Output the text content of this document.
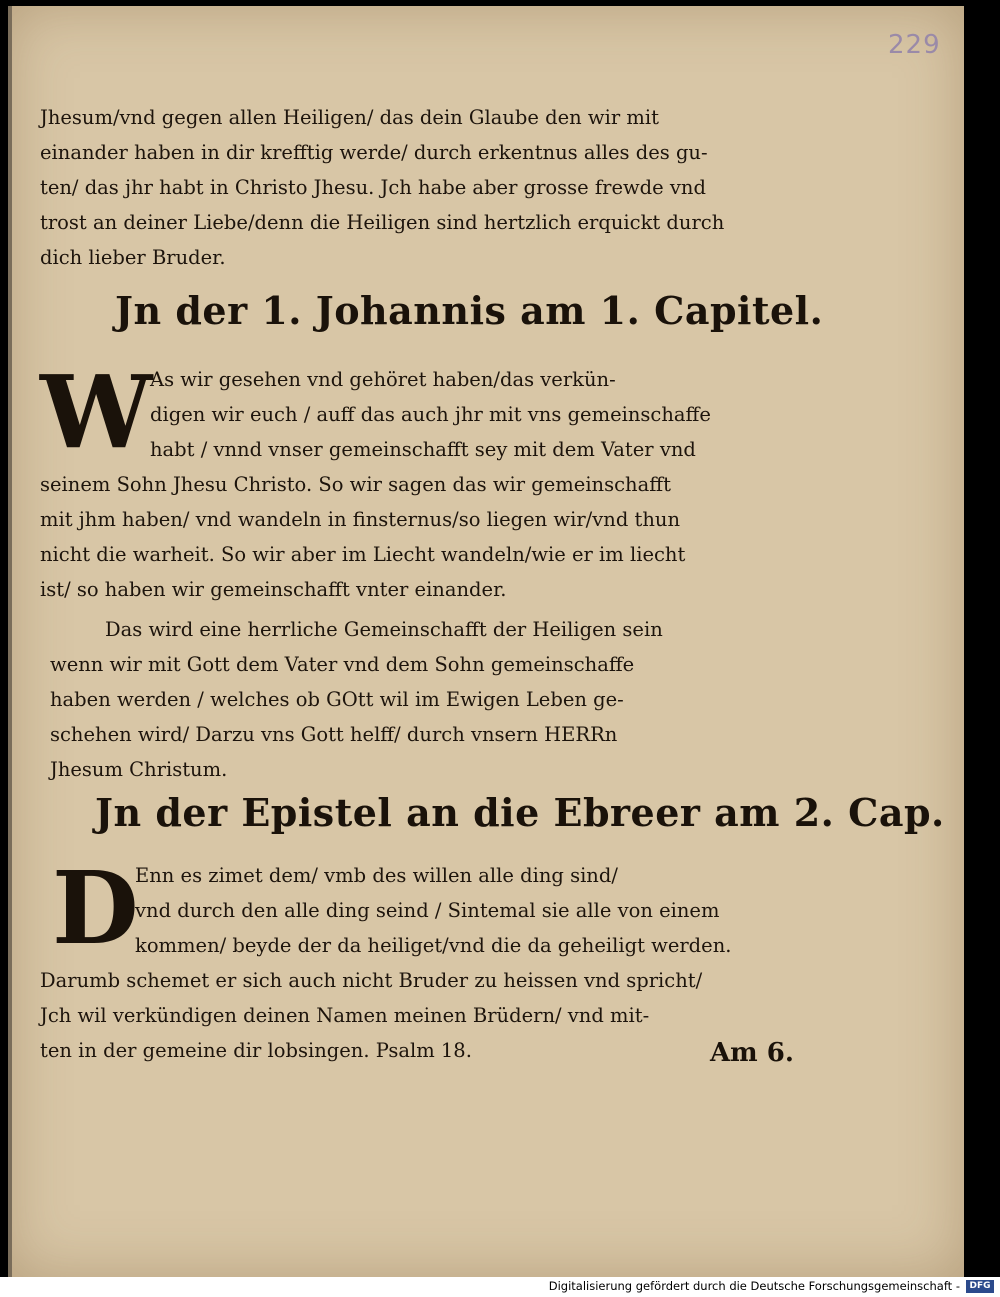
229
Jhesum/vnd gegen allen Heiligen/ das dein Glaube den wir mit
einander haben in dir krefftig werde/ durch erkentnus alles des gu-
ten/ das jhr habt in Christo Jhesu. Jch habe aber grosse frewde vnd
trost an deiner Liebe/denn die Heiligen sind hertzlich erquickt durch
dich lieber Bruder.
Jn der 1. Johannis am 1. Capitel.
W
As wir gesehen vnd gehöret haben/das verkün-
digen wir euch / auff das auch jhr mit vns gemeinschaffe
habt / vnnd vnser gemeinschafft sey mit dem Vater vnd
seinem Sohn Jhesu Christo. So wir sagen das wir gemeinschafft
mit jhm haben/ vnd wandeln in finsternus/so liegen wir/vnd thun
nicht die warheit. So wir aber im Liecht wandeln/wie er im liecht
ist/ so haben wir gemeinschafft vnter einander.
Das wird eine herrliche Gemeinschafft der Heiligen sein
wenn wir mit Gott dem Vater vnd dem Sohn gemeinschaffe
haben werden / welches ob GOtt wil im Ewigen Leben ge-
schehen wird/ Darzu vns Gott helff/ durch vnsern HERRn
Jhesum Christum.
Jn der Epistel an die Ebreer am 2. Cap.
D
Enn es zimet dem/ vmb des willen alle ding sind/
vnd durch den alle ding seind / Sintemal sie alle von einem
kommen/ beyde der da heiliget/vnd die da geheiligt werden.
Darumb schemet er sich auch nicht Bruder zu heissen vnd spricht/
Jch wil verkündigen deinen Namen meinen Brüdern/ vnd mit-
ten in der gemeine dir lobsingen. Psalm 18.	Am 6.
Digitalisierung gefördert durch die Deutsche Forschungsgemeinschaft -	DFG
